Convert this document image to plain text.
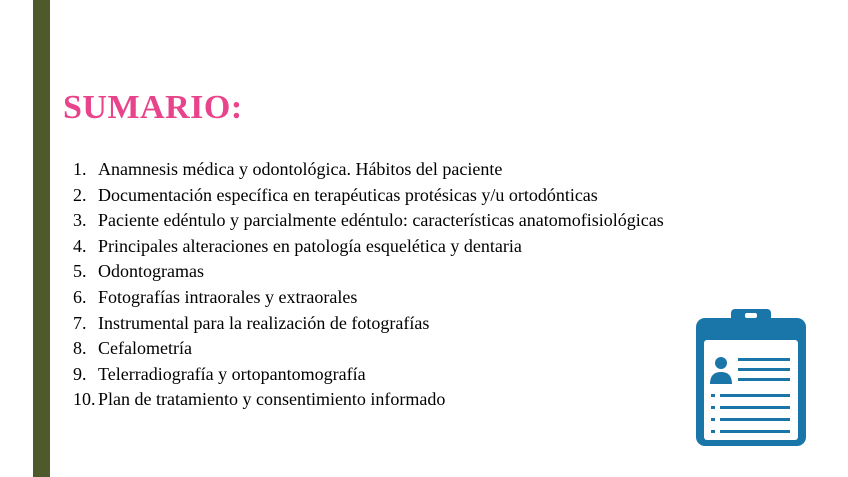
SUMARIO:
1. Anamnesis médica y odontológica. Hábitos del paciente
2. Documentación específica en terapéuticas protésicas y/u ortodónticas
3. Paciente edéntulo y parcialmente edéntulo: características anatomofisiológicas
4. Principales alteraciones en patología esquelética y dentaria
5. Odontogramas
6. Fotografías intraorales y extraorales
7. Instrumental para la realización de fotografías
8. Cefalometría
9. Telerradiografía y ortopantomografía
10. Plan de tratamiento y consentimiento informado
